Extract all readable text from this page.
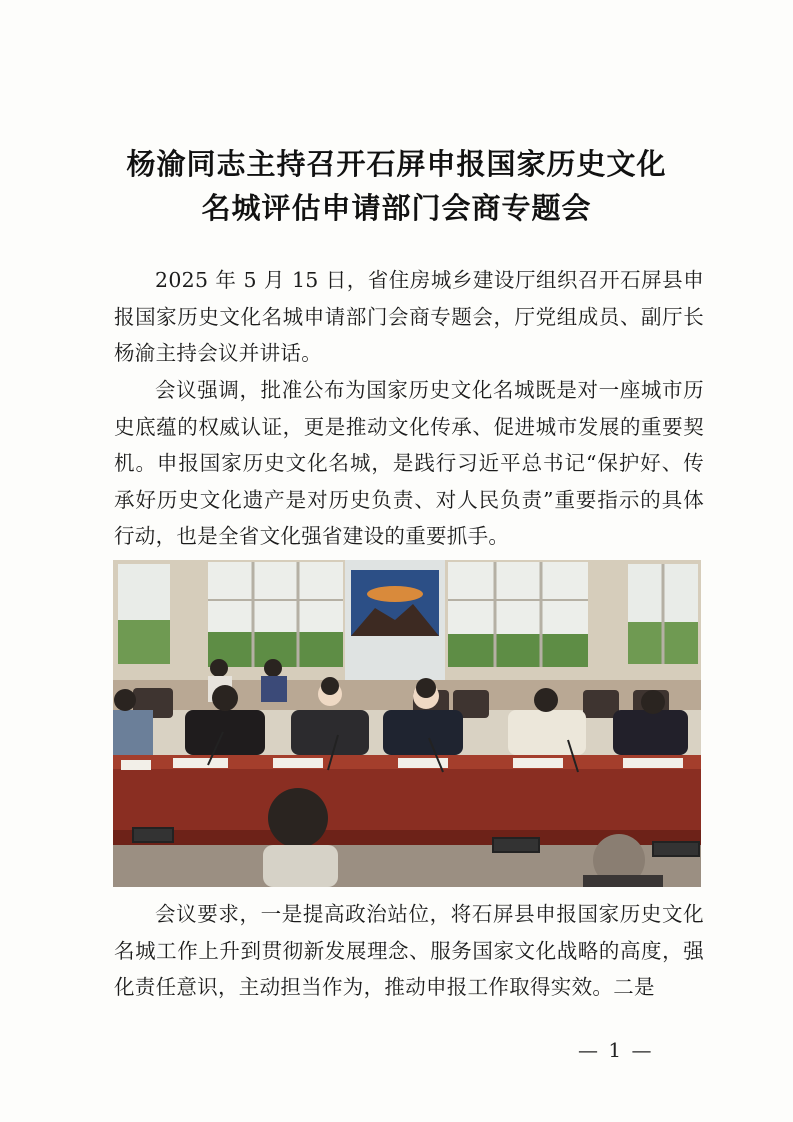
杨渝同志主持召开石屏申报国家历史文化
名城评估申请部门会商专题会

2025 年 5 月 15 日，省住房城乡建设厅组织召开石屏县申报国家历史文化名城申请部门会商专题会，厅党组成员、副厅长杨渝主持会议并讲话。

会议强调，批准公布为国家历史文化名城既是对一座城市历史底蕴的权威认证，更是推动文化传承、促进城市发展的重要契机。申报国家历史文化名城，是践行习近平总书记“保护好、传承好历史文化遗产是对历史负责、对人民负责”重要指示的具体行动，也是全省文化强省建设的重要抓手。

会议要求，一是提高政治站位，将石屏县申报国家历史文化名城工作上升到贯彻新发展理念、服务国家文化战略的高度，强化责任意识，主动担当作为，推动申报工作取得实效。二是

— 1 —
